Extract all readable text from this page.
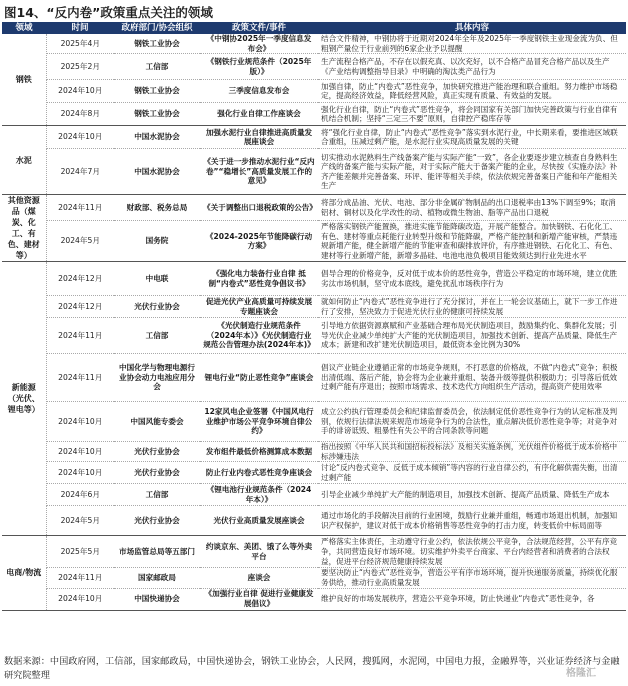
图14、“反内卷”政策重点关注的领域
领域	时间	政府部门/协会组织	政策文件/事件	具体内容
钢铁	2025年4月	钢铁工业协会	《中钢协2025年一季度信息发布会》	结合文件精神，中钢协将于近期对2024年全年及2025年一季度钢铁主业现金流为负、但粗钢产量位于行业前列的6家企业予以提醒
	2025年2月	工信部	《钢铁行业规范条件（2025年版）》	生产流程合格产品，不存在以假充真、以次充好，以不合格产品冒充合格产品以及生产《产业结构调整指导目录》中明确的淘汰类产品行为
	2024年10月	钢铁工业协会	三季度信息发布会	加强自律，防止“内卷式”恶性竞争，加快研究推进产能治理和联合重组。努力维护市场稳定，提高经济效益，降低经营风险，真正实现有质量、有效益的发展。
	2024年8月	钢铁工业协会	强化行业自律工作座谈会	强化行业自律，防止“内卷式”恶性竞争，将会同国家有关部门加快完善政策与行业自律有机结合机制；坚持“三定三不要”原则，自律控产稳库存等
水泥	2024年10月	中国水泥协会	加强水泥行业自律推进高质量发展座谈会	将“强化行业自律，防止“内卷式”恶性竞争”落实到水泥行业，中长期来看，要推进区域联合重组，压减过剩产能，是水泥行业实现高质量发展的关键
	2024年7月	中国水泥协会	《关于进一步推动水泥行业“反内卷”“稳增长”高质量发展工作的意见》	切实推动水泥熟料生产线备案产能与实际产能“一致”，各企业要逐步建立核查自身熟料生产线的备案产能与实际产能，对于实际产能大于备案产能的企业，尽快按《实施办法》补齐产能差额并完善备案、环评、能评等相关手续，依法依规完善备案日产能和年产能相关生产
其他资源品（煤炭、化工、有色、建材等）	2024年11月	财政部、税务总局	《关于调整出口退税政策的公告》	将部分成品油、光伏、电池、部分非金属矿物制品的出口退税率由13%下调至9%；取消铝材、铜材以及化学改性的动、植物或微生物油、脂等产品出口退税
	2024年5月	国务院	《2024-2025年节能降碳行动方案》	严格落实钢铁产能置换，推进实施节能降碳改造，开展产能整合。加快钢铁、石化化工、有色、建材等重点耗能行业转型升级和节能降碳，严格产能控制和新增产能审核，严禁违规新增产能，健全新增产能的节能审查和碳排放评价，有序推进钢铁、石化化工、有色、建材等行业新增产能，新增多晶硅、电池电池负极项目能效须达到行业先进水平
新能源（光伏、锂电等）	2024年12月	中电联	《强化电力装备行业自律 抵制“内卷式”恶性竞争倡议书》	倡导合理的价格竞争，反对低于成本价的恶性竞争，营造公平稳定的市场环境，建立优胜劣汰市场机制，坚守成本底线，避免扰乱市场秩序行为
	2024年12月	光伏行业协会	促进光伏产业高质量可持续发展专题座谈会	就如何防止“内卷式”恶性竞争进行了充分探讨，并在上一轮会议基础上，就下一步工作进行了安排，坚决致力于促进光伏行业的健康可持续发展
	2024年11月	工信部	《光伏制造行业规范条件（2024年本）》《光伏制造行业规范公告管理办法(2024年本)》	引导地方依据资源禀赋和产业基础合理布局光伏制造项目，鼓励集约化、集群化发展；引导光伏企业减少单纯扩大产能的光伏制造项目，加强技术创新、提高产品质量、降低生产成本；新建和改扩建光伏制造项目，最低资本金比例为30%
	2024年11月	中国化学与物理电源行业协会动力电池应用分会	锂电行业“防止恶性竞争”座谈会	倡议产业链企业遵循正常的市场竞争规则，不打恶意的价格战，不做“内卷式”竞争；积极出清低端、落后产能，协会将为企业兼并重组、装备升级等提供积极助力；引导落后低效过剩产能有序退出；按照市场需求、技术迭代方向组织生产活动，提高资产使用效率
	2024年10月	中国风能专委会	12家风电企业签署《中国风电行业维护市场公平竞争环境自律公约》	成立公约执行管理委员会和纪律监督委员会，依法制定低价恶性竞争行为的认定标准及判别，依规行法律法规来规范市场竞争行为的合法性，重点解决低价恶性竞争等；对竞争对手的诽谤诋毁、粗暴性有失公平的合同条款等问题
	2024年10月	光伏行业协会	发布组件最低价格测算成本数据	指出按照《中华人民共和国招标投标法》及相关实施条例，光伏组件价格低于成本价格中标涉嫌违法
	2024年10月	光伏行业协会	防止行业内卷式恶性竞争座谈会	讨论“反内卷式竞争、反低于成本倾销”等内容的行业自律公约，有序化解供需失衡，出清过剩产能
	2024年6月	工信部	《锂电池行业规范条件（2024年本）》	引导企业减少单纯扩大产能的制造项目，加强技术创新、提高产品质量、降低生产成本
	2024年5月	光伏行业协会	光伏行业高质量发展座谈会	通过市场化的手段解决目前的行业困境，鼓励行业兼并重组，畅通市场退出机制，加强知识产权保护，建议对低于成本价格销售等恶性竞争的打击力度，转变低价中标局面等
电商/物流	2025年5月	市场监管总局等五部门	约谈京东、美团、饿了么等外卖平台	严格落实主体责任，主动遵守行业公约，依法依规公平竞争，合法规范经营，公平有序竞争，共同营造良好市场环境。切实维护外卖平台商家、平台内经营者和消费者的合法权益，促进平台经济规范健康持续发展
	2024年11月	国家邮政局	座谈会	要坚决防止“内卷式”恶性竞争，营造公平有序市场环境，提升快递服务质量，持续优化服务供给，推动行业高质量发展
	2024年10月	中国快递协会	《加强行业自律 促进行业健康发展倡议》	维护良好的市场发展秩序，营造公平竞争环境，防止快递业“内卷式”恶性竞争，各
数据来源：中国政府网，工信部，国家邮政局，中国快递协会，钢铁工业协会，人民网，搜狐网，水泥网，中国电力报，金融界等，兴业证券经济与金融研究院整理	格隆汇
